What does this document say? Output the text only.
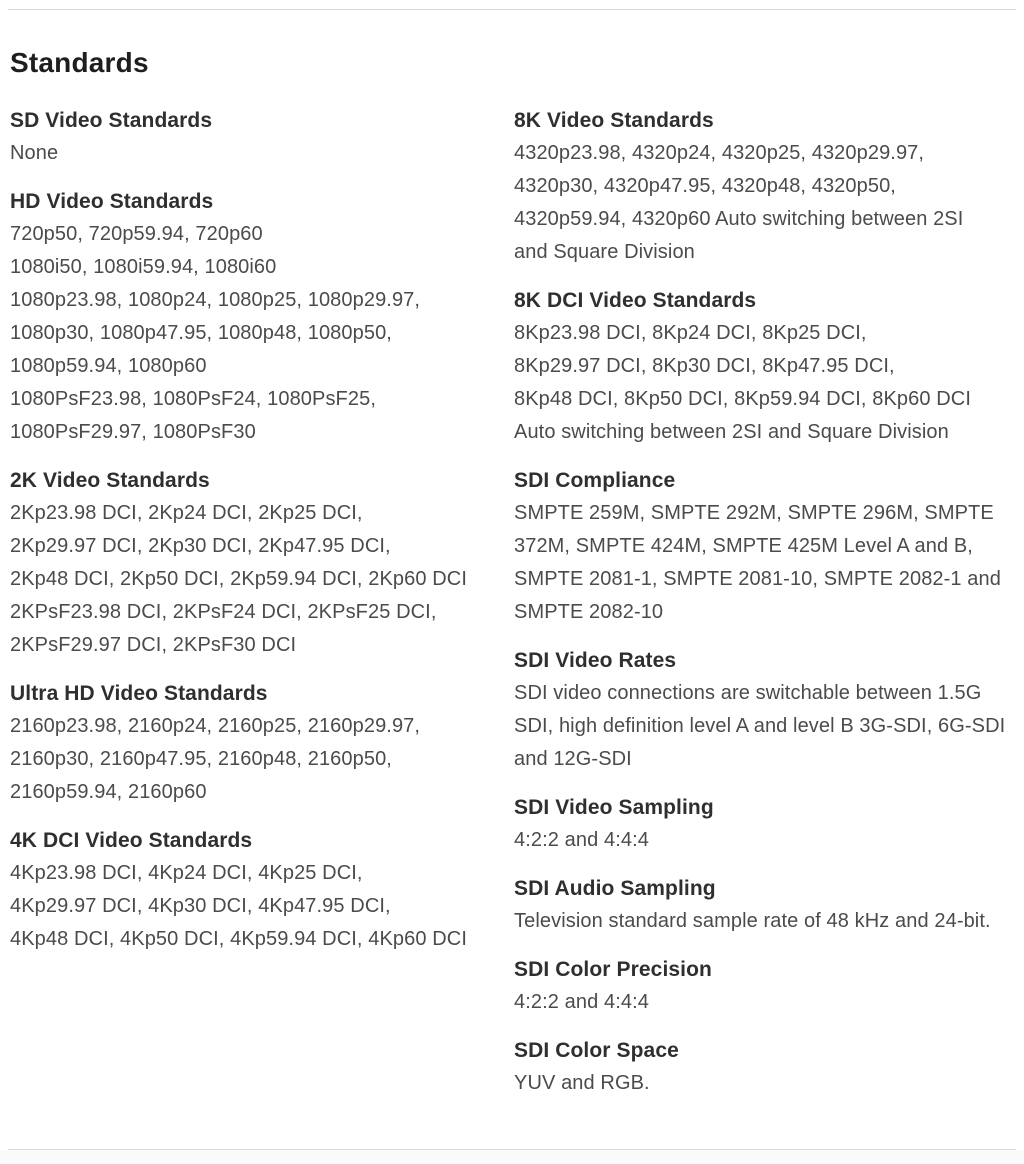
Standards
SD Video Standards
None
HD Video Standards
720p50, 720p59.94, 720p60
1080i50, 1080i59.94, 1080i60
1080p23.98, 1080p24, 1080p25, 1080p29.97,
1080p30, 1080p47.95, 1080p48, 1080p50,
1080p59.94, 1080p60
1080PsF23.98, 1080PsF24, 1080PsF25,
1080PsF29.97, 1080PsF30
2K Video Standards
2Kp23.98 DCI, 2Kp24 DCI, 2Kp25 DCI,
2Kp29.97 DCI, 2Kp30 DCI, 2Kp47.95 DCI,
2Kp48 DCI, 2Kp50 DCI, 2Kp59.94 DCI, 2Kp60 DCI
2KPsF23.98 DCI, 2KPsF24 DCI, 2KPsF25 DCI,
2KPsF29.97 DCI, 2KPsF30 DCI
Ultra HD Video Standards
2160p23.98, 2160p24, 2160p25, 2160p29.97,
2160p30, 2160p47.95, 2160p48, 2160p50,
2160p59.94, 2160p60
4K DCI Video Standards
4Kp23.98 DCI, 4Kp24 DCI, 4Kp25 DCI,
4Kp29.97 DCI, 4Kp30 DCI, 4Kp47.95 DCI,
4Kp48 DCI, 4Kp50 DCI, 4Kp59.94 DCI, 4Kp60 DCI
8K Video Standards
4320p23.98, 4320p24, 4320p25, 4320p29.97,
4320p30, 4320p47.95, 4320p48, 4320p50,
4320p59.94, 4320p60 Auto switching between 2SI
and Square Division
8K DCI Video Standards
8Kp23.98 DCI, 8Kp24 DCI, 8Kp25 DCI,
8Kp29.97 DCI, 8Kp30 DCI, 8Kp47.95 DCI,
8Kp48 DCI, 8Kp50 DCI, 8Kp59.94 DCI, 8Kp60 DCI
Auto switching between 2SI and Square Division
SDI Compliance
SMPTE 259M, SMPTE 292M, SMPTE 296M, SMPTE
372M, SMPTE 424M, SMPTE 425M Level A and B,
SMPTE 2081-1, SMPTE 2081-10, SMPTE 2082-1 and
SMPTE 2082-10
SDI Video Rates
SDI video connections are switchable between 1.5G
SDI, high definition level A and level B 3G-SDI, 6G-SDI
and 12G-SDI
SDI Video Sampling
4:2:2 and 4:4:4
SDI Audio Sampling
Television standard sample rate of 48 kHz and 24-bit.
SDI Color Precision
4:2:2 and 4:4:4
SDI Color Space
YUV and RGB.
